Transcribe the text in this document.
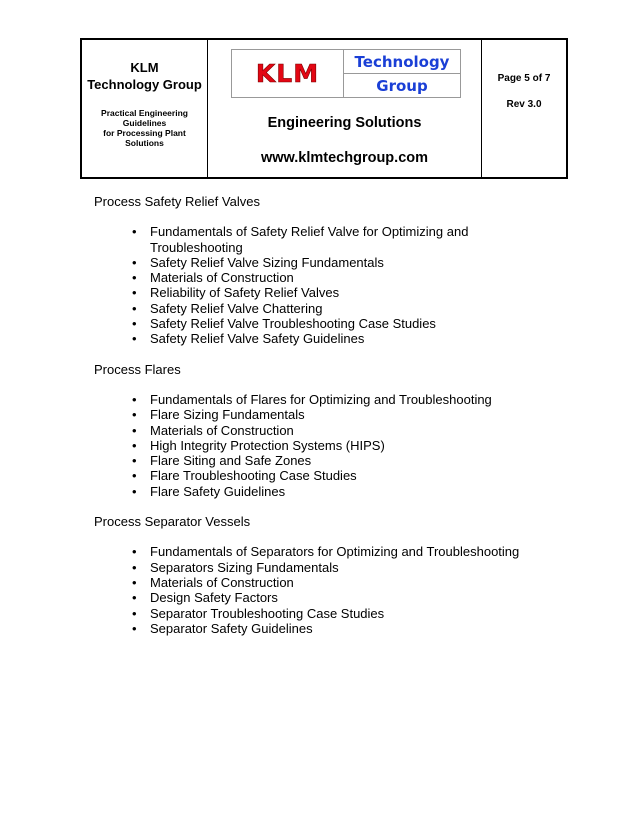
KLM
Technology Group
Practical Engineering
Guidelines
for Processing Plant
Solutions
KLM	Technology
Group
Engineering Solutions
www.klmtechgroup.com
Page 5 of 7
Rev 3.0

Process Safety Relief Valves

• Fundamentals of Safety Relief Valve for Optimizing and Troubleshooting
• Safety Relief Valve Sizing Fundamentals
• Materials of Construction
• Reliability of Safety Relief Valves
• Safety Relief Valve Chattering
• Safety Relief Valve Troubleshooting Case Studies
• Safety Relief Valve Safety Guidelines

Process Flares

• Fundamentals of Flares for Optimizing and Troubleshooting
• Flare Sizing Fundamentals
• Materials of Construction
• High Integrity Protection Systems (HIPS)
• Flare Siting and Safe Zones
• Flare Troubleshooting Case Studies
• Flare Safety Guidelines

Process Separator Vessels

• Fundamentals of Separators for Optimizing and Troubleshooting
• Separators Sizing Fundamentals
• Materials of Construction
• Design Safety Factors
• Separator Troubleshooting Case Studies
• Separator Safety Guidelines
